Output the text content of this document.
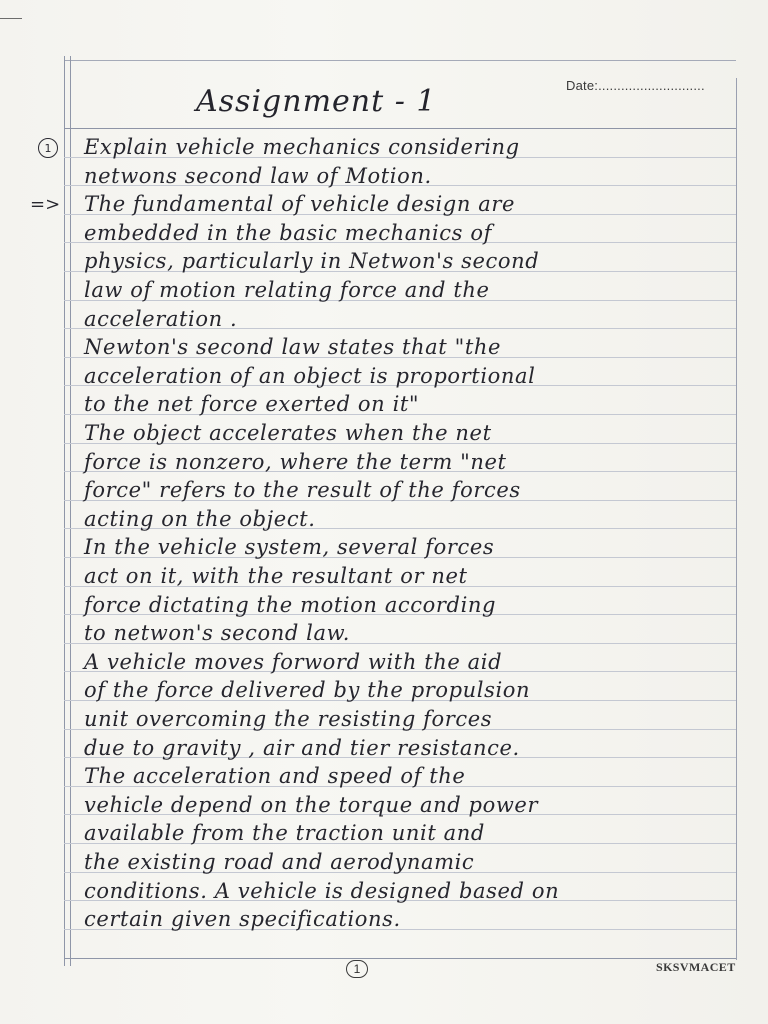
Date:............................
Assignment - 1
1
=>
Explain vehicle mechanics considering
netwons second law of Motion.
The fundamental of vehicle design are
embedded in the basic mechanics of
physics, particularly in Netwon's second
law of motion relating force and the
acceleration .
Newton's second law states that "the
acceleration of an object is proportional
to the net force exerted on it"
The object accelerates when the net
force is nonzero, where the term "net
force" refers to the result of the forces
acting on the object.
In the vehicle system, several forces
act on it, with the resultant or net
force dictating the motion according
to netwon's second law.
A vehicle moves forword with the aid
of the force delivered by the propulsion
unit overcoming the resisting forces
due to gravity , air and tier resistance.
The acceleration and speed of the
vehicle depend on the torque and power
available from the traction unit and
the existing road and aerodynamic
conditions. A vehicle is designed based on
certain given specifications.
1	SKSVMACET
